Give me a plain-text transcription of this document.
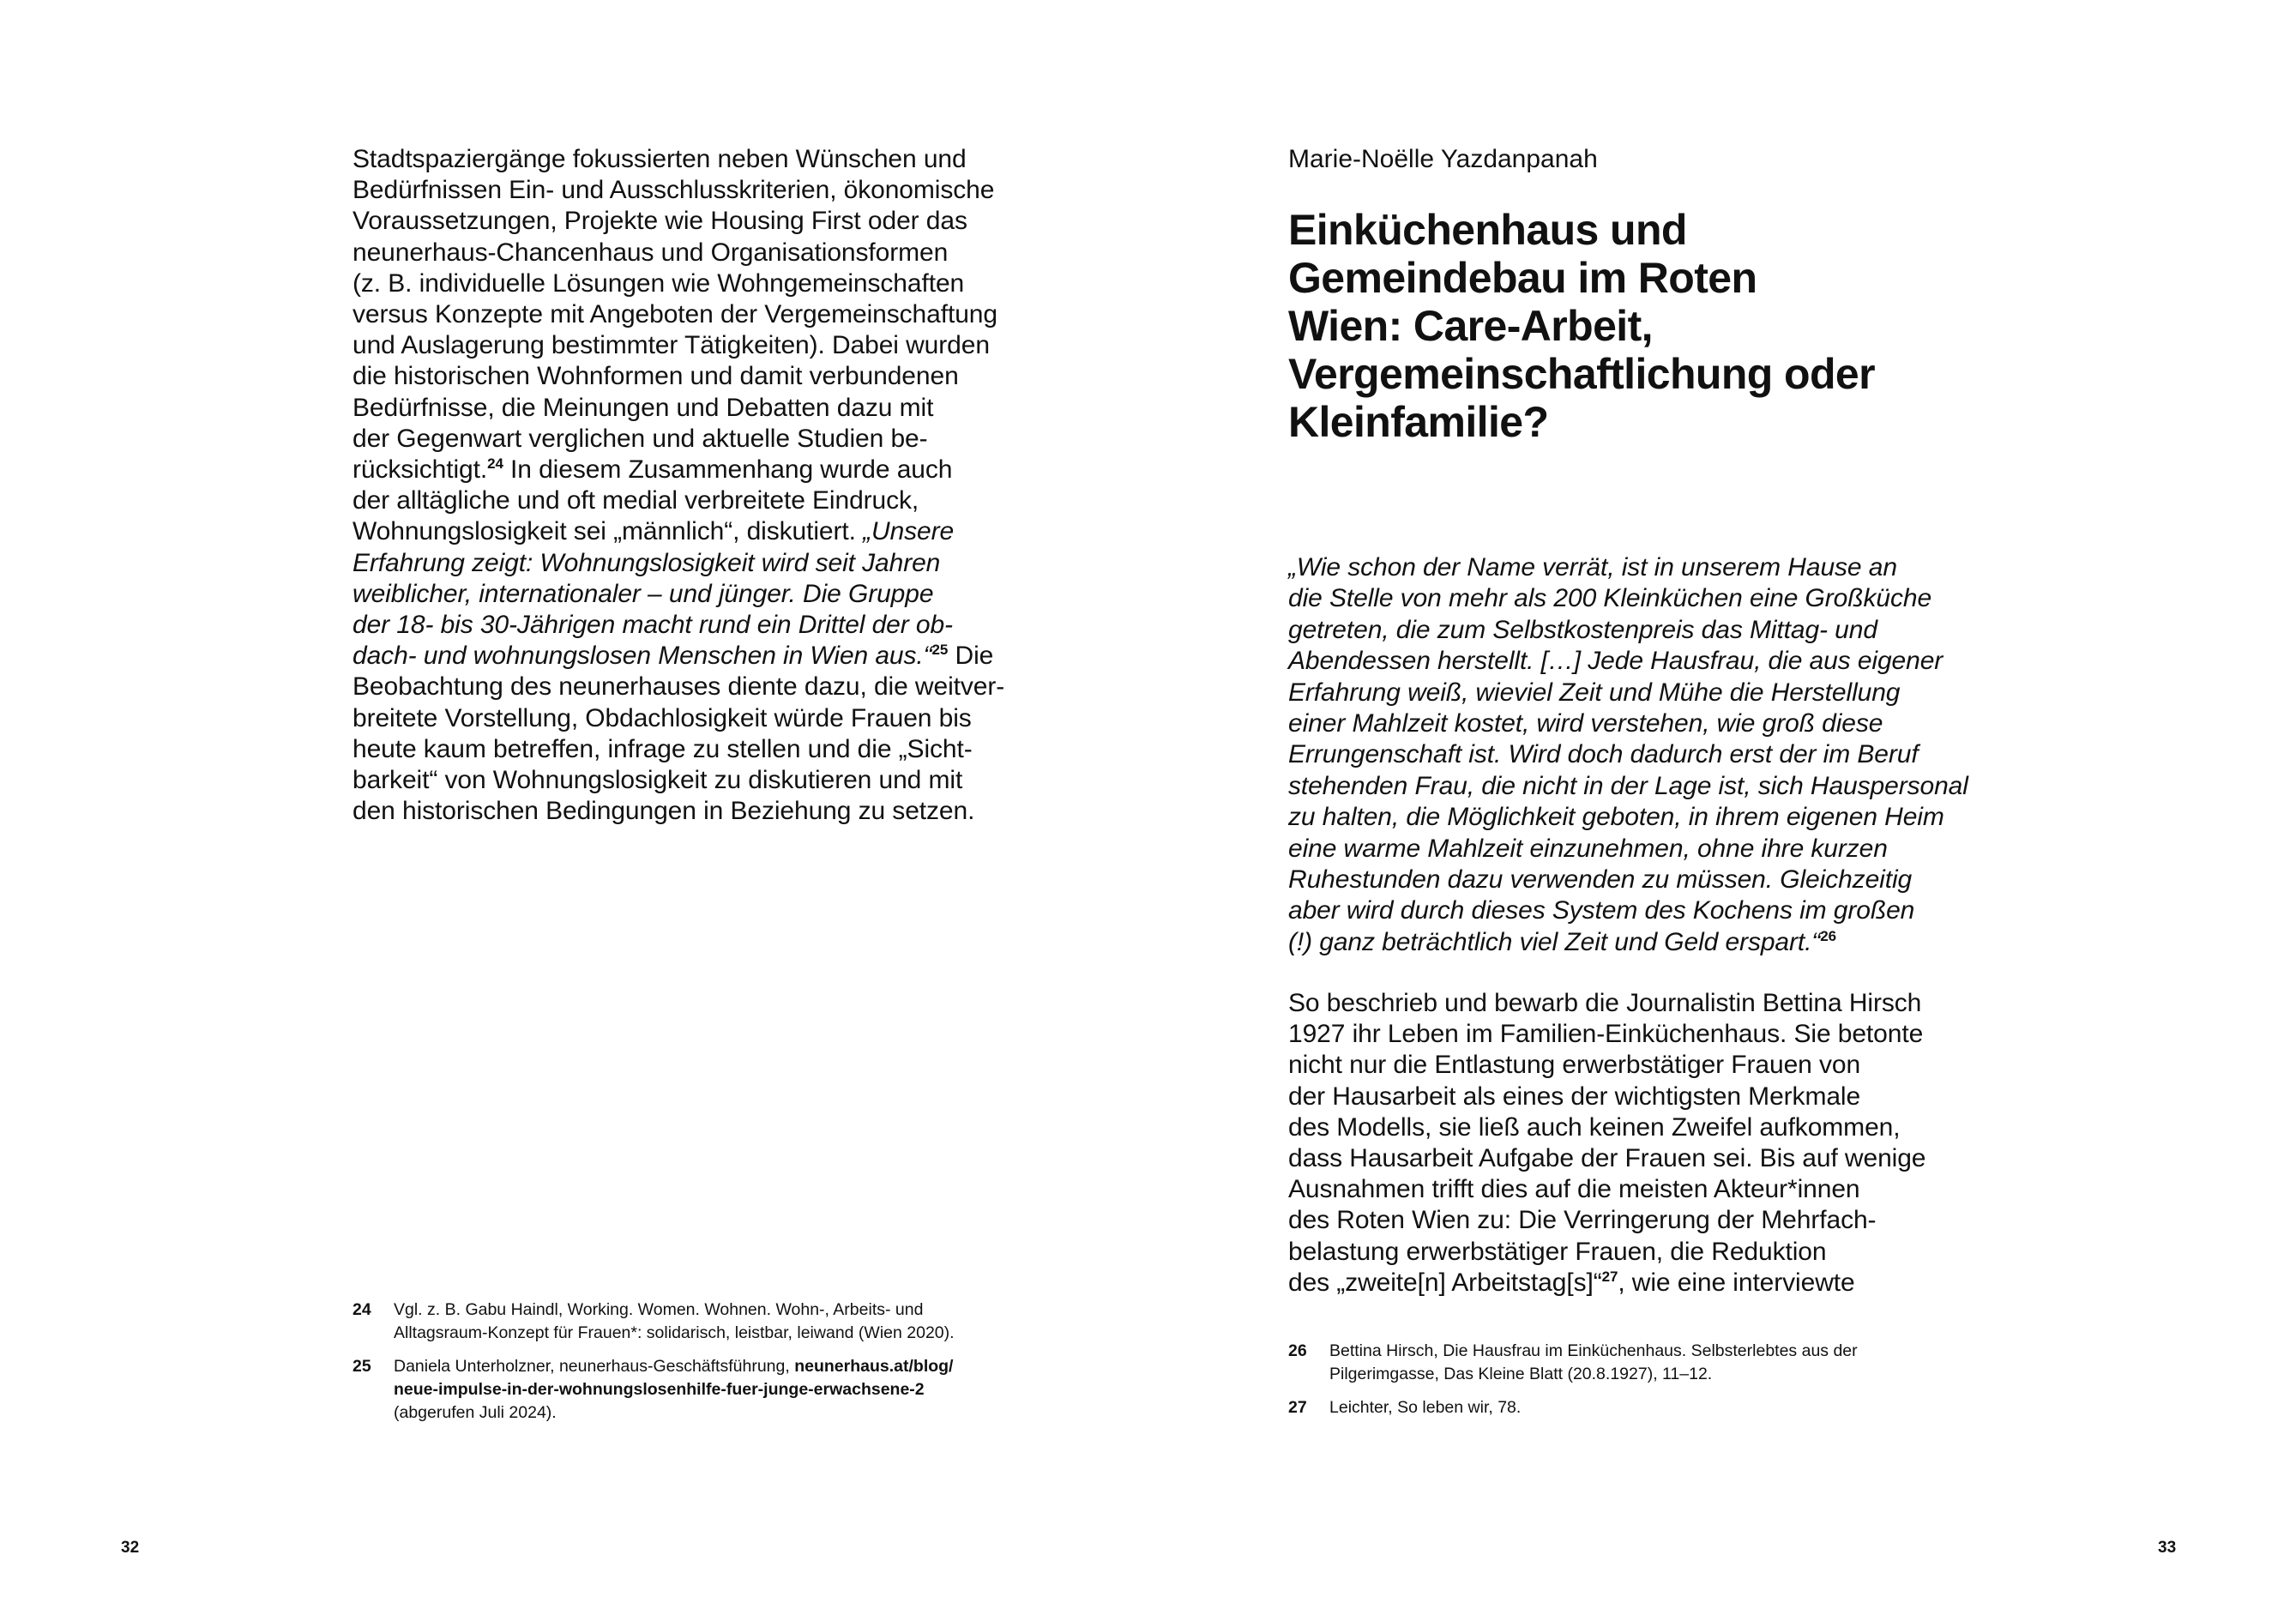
Stadtspaziergänge fokussierten neben Wünschen und
Bedürfnissen Ein- und Ausschlusskriterien, ökonomische
Voraussetzungen, Projekte wie Housing First oder das
neunerhaus-Chancenhaus und Organisationsformen
(z. B. individuelle Lösungen wie Wohngemeinschaften
versus Konzepte mit Angeboten der Vergemeinschaftung
und Auslagerung bestimmter Tätigkeiten). Dabei wurden
die historischen Wohnformen und damit verbundenen
Bedürfnisse, die Meinungen und Debatten dazu mit
der Gegenwart verglichen und aktuelle Studien be-
rücksichtigt.$^{24}$ In diesem Zusammenhang wurde auch
der alltägliche und oft medial verbreitete Eindruck,
Wohnungslosigkeit sei „männlich“, diskutiert. „Unsere
Erfahrung zeigt: Wohnungslosigkeit wird seit Jahren
weiblicher, internationaler – und jünger. Die Gruppe
der 18- bis 30-Jährigen macht rund ein Drittel der ob-
dach- und wohnungslosen Menschen in Wien aus.“$^{25}$ Die
Beobachtung des neunerhauses diente dazu, die weitver-
breitete Vorstellung, Obdachlosigkeit würde Frauen bis
heute kaum betreffen, infrage zu stellen und die „Sicht-
barkeit“ von Wohnungslosigkeit zu diskutieren und mit
den historischen Bedingungen in Beziehung zu setzen.
24	Vgl. z. B. Gabu Haindl, Working. Women. Wohnen. Wohn-, Arbeits- und
Alltagsraum-Konzept für Frauen*: solidarisch, leistbar, leiwand (Wien 2020).
25	Daniela Unterholzner, neunerhaus-Geschäftsführung, neunerhaus.at/blog/
neue-impulse-in-der-wohnungslosenhilfe-fuer-junge-erwachsene-2
(abgerufen Juli 2024).
32
Marie-Noëlle Yazdanpanah
Einküchenhaus und
Gemeindebau im Roten
Wien: Care-Arbeit,
Vergemeinschaftlichung oder
Kleinfamilie?
„Wie schon der Name verrät, ist in unserem Hause an
die Stelle von mehr als 200 Kleinküchen eine Großküche
getreten, die zum Selbstkostenpreis das Mittag- und
Abendessen herstellt. […] Jede Hausfrau, die aus eigener
Erfahrung weiß, wieviel Zeit und Mühe die Herstellung
einer Mahlzeit kostet, wird verstehen, wie groß diese
Errungenschaft ist. Wird doch dadurch erst der im Beruf
stehenden Frau, die nicht in der Lage ist, sich Hauspersonal
zu halten, die Möglichkeit geboten, in ihrem eigenen Heim
eine warme Mahlzeit einzunehmen, ohne ihre kurzen
Ruhestunden dazu verwenden zu müssen. Gleichzeitig
aber wird durch dieses System des Kochens im großen
(!) ganz beträchtlich viel Zeit und Geld erspart.“$^{26}$
So beschrieb und bewarb die Journalistin Bettina Hirsch
1927 ihr Leben im Familien-Einküchenhaus. Sie betonte
nicht nur die Entlastung erwerbstätiger Frauen von
der Hausarbeit als eines der wichtigsten Merkmale
des Modells, sie ließ auch keinen Zweifel aufkommen,
dass Hausarbeit Aufgabe der Frauen sei. Bis auf wenige
Ausnahmen trifft dies auf die meisten Akteur*innen
des Roten Wien zu: Die Verringerung der Mehrfach-
belastung erwerbstätiger Frauen, die Reduktion
des „zweite[n] Arbeitstag[s]“$^{27}$, wie eine interviewte
26	Bettina Hirsch, Die Hausfrau im Einküchenhaus. Selbsterlebtes aus der
Pilgerimgasse, Das Kleine Blatt (20.8.1927), 11–12.
27	Leichter, So leben wir, 78.
33
